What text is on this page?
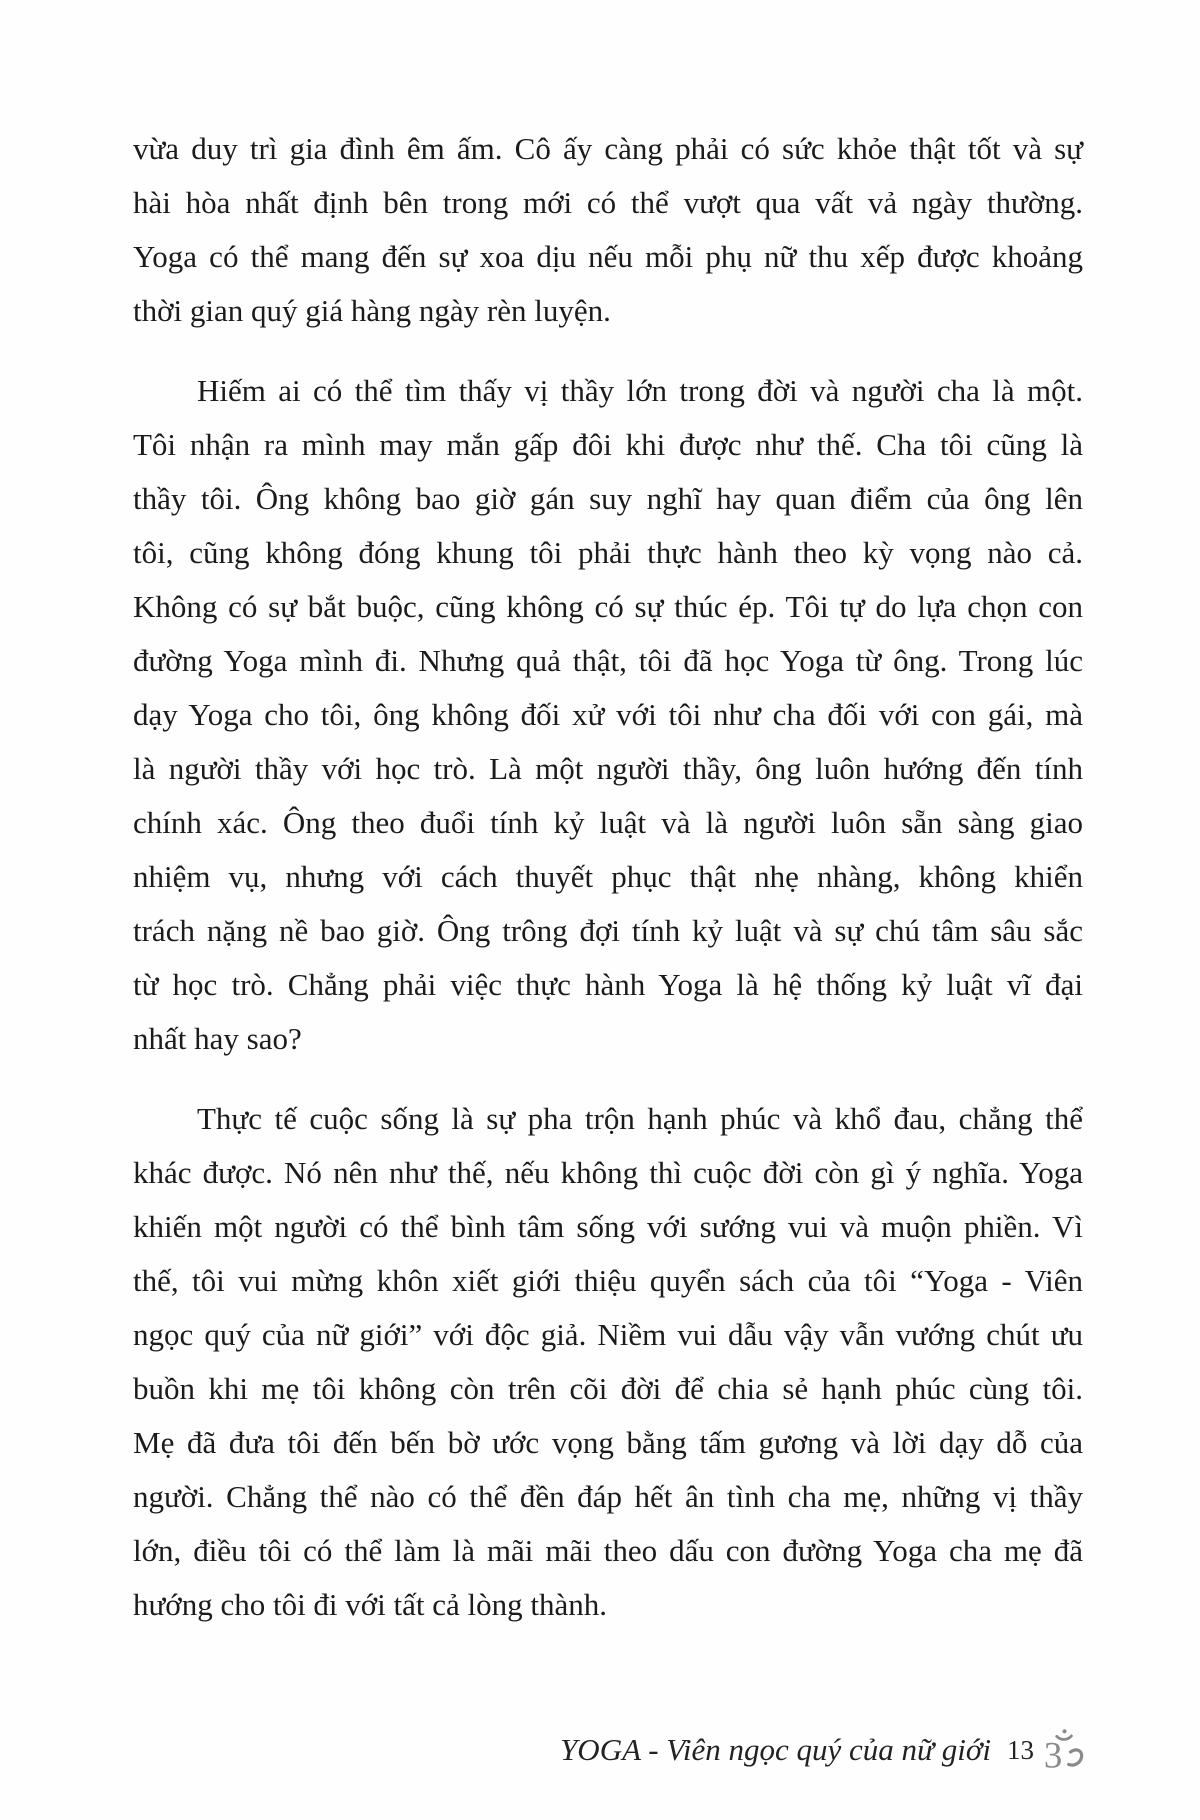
vừa duy trì gia đình êm ấm. Cô ấy càng phải có sức khỏe thật tốt và sự
hài hòa nhất định bên trong mới có thể vượt qua vất vả ngày thường.
Yoga có thể mang đến sự xoa dịu nếu mỗi phụ nữ thu xếp được khoảng
thời gian quý giá hàng ngày rèn luyện.
Hiếm ai có thể tìm thấy vị thầy lớn trong đời và người cha là một.
Tôi nhận ra mình may mắn gấp đôi khi được như thế. Cha tôi cũng là
thầy tôi. Ông không bao giờ gán suy nghĩ hay quan điểm của ông lên
tôi, cũng không đóng khung tôi phải thực hành theo kỳ vọng nào cả.
Không có sự bắt buộc, cũng không có sự thúc ép. Tôi tự do lựa chọn con
đường Yoga mình đi. Nhưng quả thật, tôi đã học Yoga từ ông. Trong lúc
dạy Yoga cho tôi, ông không đối xử với tôi như cha đối với con gái, mà
là người thầy với học trò. Là một người thầy, ông luôn hướng đến tính
chính xác. Ông theo đuổi tính kỷ luật và là người luôn sẵn sàng giao
nhiệm vụ, nhưng với cách thuyết phục thật nhẹ nhàng, không khiển
trách nặng nề bao giờ. Ông trông đợi tính kỷ luật và sự chú tâm sâu sắc
từ học trò. Chẳng phải việc thực hành Yoga là hệ thống kỷ luật vĩ đại
nhất hay sao?
Thực tế cuộc sống là sự pha trộn hạnh phúc và khổ đau, chẳng thể
khác được. Nó nên như thế, nếu không thì cuộc đời còn gì ý nghĩa. Yoga
khiến một người có thể bình tâm sống với sướng vui và muộn phiền. Vì
thế, tôi vui mừng khôn xiết giới thiệu quyển sách của tôi “Yoga - Viên
ngọc quý của nữ giới” với độc giả. Niềm vui dẫu vậy vẫn vướng chút ưu
buồn khi mẹ tôi không còn trên cõi đời để chia sẻ hạnh phúc cùng tôi.
Mẹ đã đưa tôi đến bến bờ ước vọng bằng tấm gương và lời dạy dỗ của
người. Chẳng thể nào có thể đền đáp hết ân tình cha mẹ, những vị thầy
lớn, điều tôi có thể làm là mãi mãi theo dấu con đường Yoga cha mẹ đã
hướng cho tôi đi với tất cả lòng thành.
YOGA - Viên ngọc quý của nữ giới 13 3
